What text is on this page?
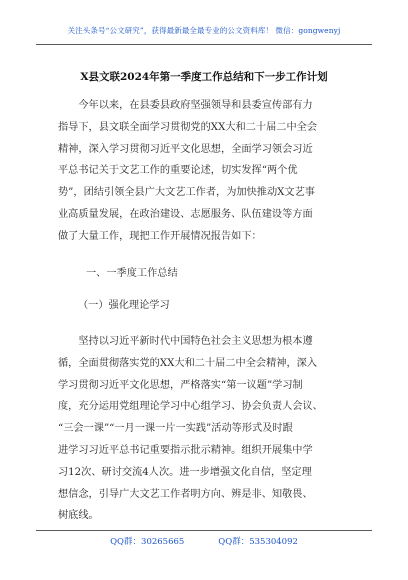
关注头条号“公文研究”，获得最新最全最专业的公文资料库！ 微信：gongwenyj
X县文联2024年第一季度工作总结和下一步工作计划
　　今年以来，在县委县政府坚强领导和县委宣传部有力
指导下，县文联全面学习贯彻党的XX大和二十届二中全会
精神，深入学习贯彻习近平文化思想，全面学习领会习近
平总书记关于文艺工作的重要论述，切实发挥“两个优
势”，团结引领全县广大文艺工作者，为加快推动X文艺事
业高质量发展，在政治建设、志愿服务、队伍建设等方面
做了大量工作，现把工作开展情况报告如下：
一、一季度工作总结
（一）强化理论学习
　　坚持以习近平新时代中国特色社会主义思想为根本遵
循，全面贯彻落实党的XX大和二十届二中全会精神，深入
学习贯彻习近平文化思想，严格落实“第一议题”学习制
度，充分运用党组理论学习中心组学习、协会负责人会议、
“三会一课”“一月一课一片一实践”活动等形式及时跟
进学习习近平总书记重要指示批示精神。组织开展集中学
习12次、研讨交流4人次。进一步增强文化自信，坚定理
想信念，引导广大文艺工作者明方向、辨是非、知敬畏、
树底线。
QQ群：30265665	QQ群：535304092
